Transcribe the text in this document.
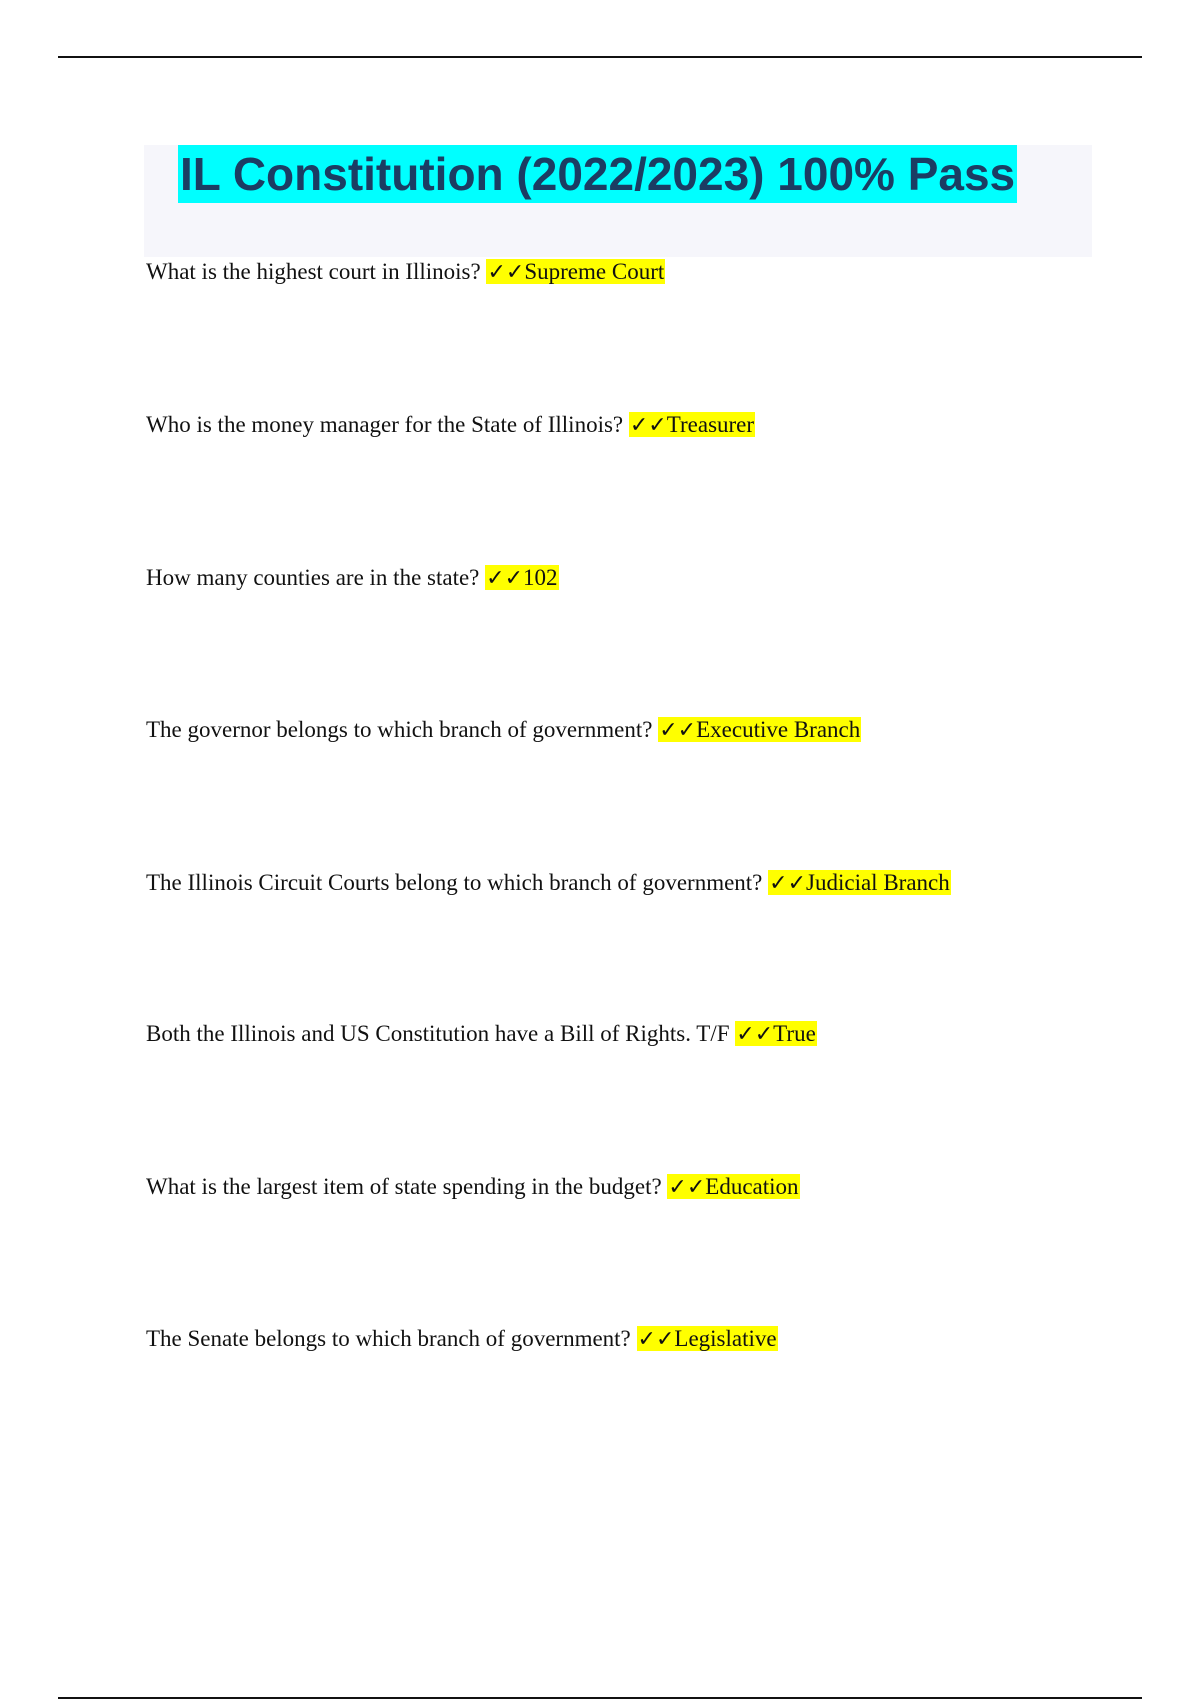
IL Constitution (2022/2023) 100% Pass
What is the highest court in Illinois? ✓✓Supreme Court
Who is the money manager for the State of Illinois? ✓✓Treasurer
How many counties are in the state? ✓✓102
The governor belongs to which branch of government? ✓✓Executive Branch
The Illinois Circuit Courts belong to which branch of government? ✓✓Judicial Branch
Both the Illinois and US Constitution have a Bill of Rights. T/F ✓✓True
What is the largest item of state spending in the budget? ✓✓Education
The Senate belongs to which branch of government? ✓✓Legislative
